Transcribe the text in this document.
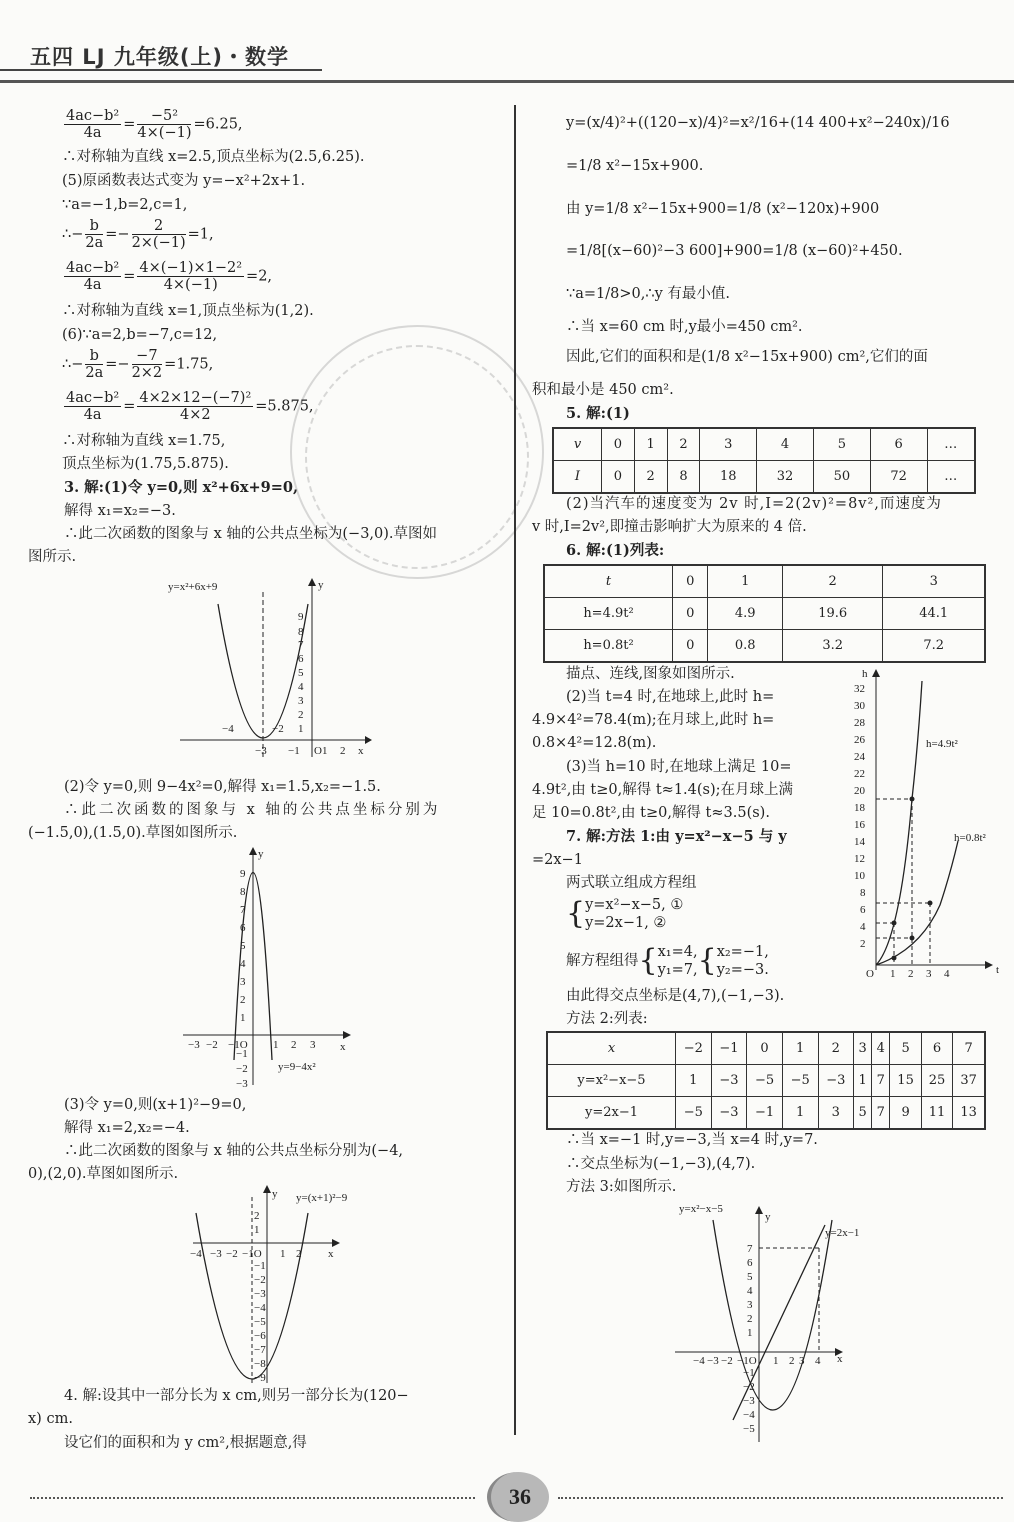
五四 LJ 九年级(上)・数学
$\frac{\text{4ac−b²}}{4a} = \frac{\text{−5²}}{4\times(-1)} =6.25$,
∴对称轴为直线 x=2.5,顶点坐标为(2.5,6.25).
(5)原函数表达式变为 y=−x²+2x+1.
∵a=−1,b=2,c=1,
∴− $\frac{b}{2a} =- \frac{2}{2\times(-1)} =1$,
$\frac{\text{4ac−b²}}{4a} = \frac{\text{4×(−1)×1−2²}}{4\times(-1)} =2$,
∴对称轴为直线 x=1,顶点坐标为(1,2).
(6)∵a=2,b=−7,c=12,
∴− $\frac{b}{2a} =- \frac{-7}{2\times 2} =1.75$,
$\frac{\text{4ac−b²}}{4a} = \frac{\text{4×2×12−(−7)²}}{4\times 2} =5.875$,
∴对称轴为直线 x=1.75,
顶点坐标为(1.75,5.875).
3. 解:(1)令 y=0,则 x²+6x+9=0,
解得 x₁=x₂=−3.
∴此二次函数的图象与 x 轴的公共点坐标为(−3,0).草图如
图所示.
y=x²+6x+9	y
x
−3 −1 O1 2
−4	−2
9
8
7
6
5
4
3
2
1
(2)令 y=0,则 9−4x²=0,解得 x₁=1.5,x₂=−1.5.
∴此二次函数的图象与 x 轴的公共点坐标分别为
(−1.5,0),(1.5,0).草图如图所示.
y
x
−3 −2 −1O 1 2 3
9
8
7
6
5
4
3
2
1
−1
−2
−3
y=9−4x²
(3)令 y=0,则(x+1)²−9=0,
解得 x₁=2,x₂=−4.
∴此二次函数的图象与 x 轴的公共点坐标分别为(−4,
0),(2,0).草图如图所示.
y
x
y=(x+1)²−9
−4 −3 −2 −1O 1 2
2
1
−1
−2
−3
−4
−5
−6
−7
−8
−9
4. 解:设其中一部分长为 x cm,则另一部分长为(120−
x) cm.
设它们的面积和为 y cm²,根据题意,得
y=(x/4)²+((120−x)/4)²=x²/16+(14 400+x²−240x)/16
=1/8 x²−15x+900.
由 y=1/8 x²−15x+900=1/8 (x²−120x)+900
=1/8[(x−60)²−3 600]+900=1/8 (x−60)²+450.
∵a=1/8>0,∴y 有最小值.
∴当 x=60 cm 时,y最小=450 cm².
因此,它们的面积和是(1/8 x²−15x+900) cm²,它们的面
积和最小是 450 cm².
5. 解:(1)
v	0	1	2	3	4	5	6	…
I	0	2	8	18	32	50	72	…
(2)当汽车的速度变为 2v 时,I=2(2v)²=8v²,而速度为
v 时,I=2v²,即撞击影响扩大为原来的 4 倍.
6. 解:(1)列表:
t	0	1	2	3
h=4.9t²	0	4.9	19.6	44.1
h=0.8t²	0	0.8	3.2	7.2
描点、连线,图象如图所示.
(2)当 t=4 时,在地球上,此时 h=
4.9×4²=78.4(m);在月球上,此时 h=
0.8×4²=12.8(m).
(3)当 h=10 时,在地球上满足 10=
4.9t²,由 t≥0,解得 t≈1.4(s);在月球上满
足 10=0.8t²,由 t≥0,解得 t≈3.5(s).
h
t
O 1 2 3 4
32
30
28
26
24
22
20
18
16
14
12
10
8
6
4
2
h=4.9t²
h=0.8t²
7. 解:方法 1:由 y=x²−x−5 与 y
=2x−1
两式联立组成方程组
{ y=x²−x−5, ①
y=2x−1, ②
解方程组得{ x₁=4,
y₁=7, { x₂=−1,
y₂=−3.
由此得交点坐标是(4,7),(−1,−3).
方法 2:列表:
x	−2	−1	0	1	2	3	4	5	6	7
y=x²−x−5	1	−3	−5	−5	−3	1	7	15	25	37
y=2x−1	−5	−3	−1	1	3	5	7	9	11	13
∴当 x=−1 时,y=−3,当 x=4 时,y=7.
∴交点坐标为(−1,−3),(4,7).
方法 3:如图所示.
y=x²−x−5
y=2x−1
y
x
−4 −3 −2 −1O 1 2 3 4
7
6
5
4
3
2
1
−1
−2
−3
−4
−5
36
